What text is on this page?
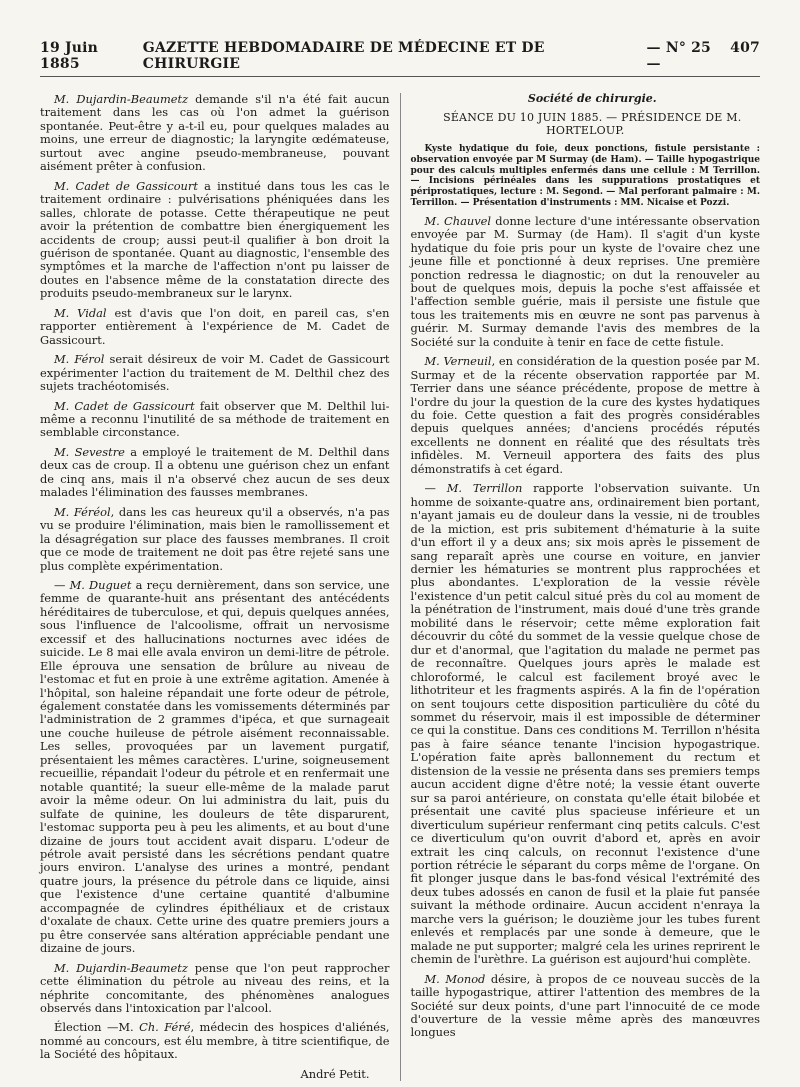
19 Juin 1885
GAZETTE HEBDOMADAIRE DE MÉDECINE ET DE CHIRURGIE
— N° 25 —
407

M. Dujardin-Beaumetz demande s'il n'a été fait aucun traitement dans les cas où l'on admet la guérison spontanée. Peut-être y a-t-il eu, pour quelques malades au moins, une erreur de diagnostic; la laryngite œdémateuse, surtout avec angine pseudo-membraneuse, pouvant aisément prêter à confusion.

M. Cadet de Gassicourt a institué dans tous les cas le traitement ordinaire : pulvérisations phéniquées dans les salles, chlorate de potasse. Cette thérapeutique ne peut avoir la prétention de combattre bien énergiquement les accidents de croup; aussi peut-il qualifier à bon droit la guérison de spontanée. Quant au diagnostic, l'ensemble des symptômes et la marche de l'affection n'ont pu laisser de doutes en l'absence même de la constatation directe des produits pseudo-membraneux sur le larynx.

M. Vidal est d'avis que l'on doit, en pareil cas, s'en rapporter entièrement à l'expérience de M. Cadet de Gassicourt.

M. Férol serait désireux de voir M. Cadet de Gassicourt expérimenter l'action du traitement de M. Delthil chez des sujets trachéotomisés.

M. Cadet de Gassicourt fait observer que M. Delthil lui-même a reconnu l'inutilité de sa méthode de traitement en semblable circonstance.

M. Sevestre a employé le traitement de M. Delthil dans deux cas de croup. Il a obtenu une guérison chez un enfant de cinq ans, mais il n'a observé chez aucun de ses deux malades l'élimination des fausses membranes.

M. Féréol, dans les cas heureux qu'il a observés, n'a pas vu se produire l'élimination, mais bien le ramollissement et la désagrégation sur place des fausses membranes. Il croit que ce mode de traitement ne doit pas être rejeté sans une plus complète expérimentation.

— M. Duguet a reçu dernièrement, dans son service, une femme de quarante-huit ans présentant des antécédents héréditaires de tuberculose, et qui, depuis quelques années, sous l'influence de l'alcoolisme, offrait un nervosisme excessif et des hallucinations nocturnes avec idées de suicide. Le 8 mai elle avala environ un demi-litre de pétrole. Elle éprouva une sensation de brûlure au niveau de l'estomac et fut en proie à une extrême agitation. Amenée à l'hôpital, son haleine répandait une forte odeur de pétrole, également constatée dans les vomissements déterminés par l'administration de 2 grammes d'ipéca, et que surnageait une couche huileuse de pétrole aisément reconnaissable. Les selles, provoquées par un lavement purgatif, présentaient les mêmes caractères. L'urine, soigneusement recueillie, répandait l'odeur du pétrole et en renfermait une notable quantité; la sueur elle-même de la malade parut avoir la même odeur. On lui administra du lait, puis du sulfate de quinine, les douleurs de tête disparurent, l'estomac supporta peu à peu les aliments, et au bout d'une dizaine de jours tout accident avait disparu. L'odeur de pétrole avait persisté dans les sécrétions pendant quatre jours environ. L'analyse des urines a montré, pendant quatre jours, la présence du pétrole dans ce liquide, ainsi que l'existence d'une certaine quantité d'albumine accompagnée de cylindres épithéliaux et de cristaux d'oxalate de chaux. Cette urine des quatre premiers jours a pu être conservée sans altération appréciable pendant une dizaine de jours.

M. Dujardin-Beaumetz pense que l'on peut rapprocher cette élimination du pétrole au niveau des reins, et la néphrite concomitante, des phénomènes analogues observés dans l'intoxication par l'alcool.

Élection —M. Ch. Féré, médecin des hospices d'aliénés, nommé au concours, est élu membre, à titre scientifique, de la Société des hôpitaux.

André Petit.

Société de chirurgie.

SÉANCE DU 10 JUIN 1885. — PRÉSIDENCE DE M. HORTELOUP.

Kyste hydatique du foie, deux ponctions, fistule persistante : observation envoyée par M Surmay (de Ham). — Taille hypogastrique pour des calculs multiples enfermés dans une cellule : M Terrillon. — Incisions périnéales dans les suppurations prostatiques et périprostatiques, lecture : M. Segond. — Mal perforant palmaire : M. Terrillon. — Présentation d'instruments : MM. Nicaise et Pozzi.

M. Chauvel donne lecture d'une intéressante observation envoyée par M. Surmay (de Ham). Il s'agit d'un kyste hydatique du foie pris pour un kyste de l'ovaire chez une jeune fille et ponctionné à deux reprises. Une première ponction redressa le diagnostic; on dut la renouveler au bout de quelques mois, depuis la poche s'est affaissée et l'affection semble guérie, mais il persiste une fistule que tous les traitements mis en œuvre ne sont pas parvenus à guérir. M. Surmay demande l'avis des membres de la Société sur la conduite à tenir en face de cette fistule.

M. Verneuil, en considération de la question posée par M. Surmay et de la récente observation rapportée par M. Terrier dans une séance précédente, propose de mettre à l'ordre du jour la question de la cure des kystes hydatiques du foie. Cette question a fait des progrès considérables depuis quelques années; d'anciens procédés réputés excellents ne donnent en réalité que des résultats très infidèles. M. Verneuil apportera des faits des plus démonstratifs à cet égard.

— M. Terrillon rapporte l'observation suivante. Un homme de soixante-quatre ans, ordinairement bien portant, n'ayant jamais eu de douleur dans la vessie, ni de troubles de la miction, est pris subitement d'hématurie à la suite d'un effort il y a deux ans; six mois après le pissement de sang reparaît après une course en voiture, en janvier dernier les hématuries se montrent plus rapprochées et plus abondantes. L'exploration de la vessie révèle l'existence d'un petit calcul situé près du col au moment de la pénétration de l'instrument, mais doué d'une très grande mobilité dans le réservoir; cette même exploration fait découvrir du côté du sommet de la vessie quelque chose de dur et d'anormal, que l'agitation du malade ne permet pas de reconnaître. Quelques jours après le malade est chloroformé, le calcul est facilement broyé avec le lithotriteur et les fragments aspirés. A la fin de l'opération on sent toujours cette disposition particulière du côté du sommet du réservoir, mais il est impossible de déterminer ce qui la constitue. Dans ces conditions M. Terrillon n'hésita pas à faire séance tenante l'incision hypogastrique. L'opération faite après ballonnement du rectum et distension de la vessie ne présenta dans ses premiers temps aucun accident digne d'être noté; la vessie étant ouverte sur sa paroi antérieure, on constata qu'elle était bilobée et présentait une cavité plus spacieuse inférieure et un diverticulum supérieur renfermant cinq petits calculs. C'est ce diverticulum qu'on ouvrit d'abord et, après en avoir extrait les cinq calculs, on reconnut l'existence d'une portion rétrécie le séparant du corps même de l'organe. On fit plonger jusque dans le bas-fond vésical l'extrémité des deux tubes adossés en canon de fusil et la plaie fut pansée suivant la méthode ordinaire. Aucun accident n'enraya la marche vers la guérison; le douzième jour les tubes furent enlevés et remplacés par une sonde à demeure, que le malade ne put supporter; malgré cela les urines reprirent le chemin de l'urèthre. La guérison est aujourd'hui complète.

M. Monod désire, à propos de ce nouveau succès de la taille hypogastrique, attirer l'attention des membres de la Société sur deux points, d'une part l'innocuité de ce mode d'ouverture de la vessie même après des manœuvres longues
